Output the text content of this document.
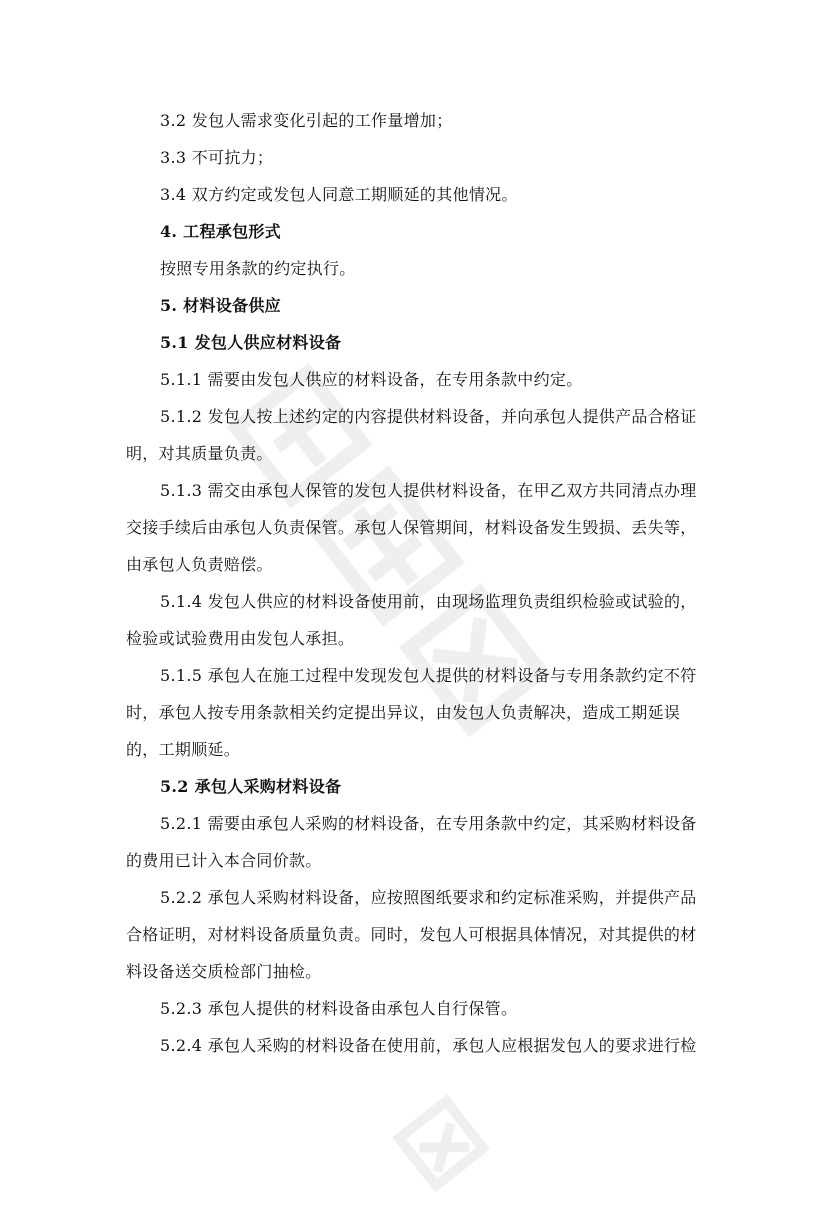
3.2 发包人需求变化引起的工作量增加；

3.3 不可抗力；

3.4 双方约定或发包人同意工期顺延的其他情况。

4. 工程承包形式

按照专用条款的约定执行。

5. 材料设备供应

5.1 发包人供应材料设备

5.1.1 需要由发包人供应的材料设备，在专用条款中约定。

5.1.2 发包人按上述约定的内容提供材料设备，并向承包人提供产品合格证明，对其质量负责。

5.1.3 需交由承包人保管的发包人提供材料设备，在甲乙双方共同清点办理交接手续后由承包人负责保管。承包人保管期间，材料设备发生毁损、丢失等，由承包人负责赔偿。

5.1.4 发包人供应的材料设备使用前，由现场监理负责组织检验或试验的，检验或试验费用由发包人承担。

5.1.5 承包人在施工过程中发现发包人提供的材料设备与专用条款约定不符时，承包人按专用条款相关约定提出异议，由发包人负责解决，造成工期延误的，工期顺延。

5.2 承包人采购材料设备

5.2.1 需要由承包人采购的材料设备，在专用条款中约定，其采购材料设备的费用已计入本合同价款。

5.2.2 承包人采购材料设备，应按照图纸要求和约定标准采购，并提供产品合格证明，对材料设备质量负责。同时，发包人可根据具体情况，对其提供的材料设备送交质检部门抽检。

5.2.3 承包人提供的材料设备由承包人自行保管。

5.2.4 承包人采购的材料设备在使用前，承包人应根据发包人的要求进行检
